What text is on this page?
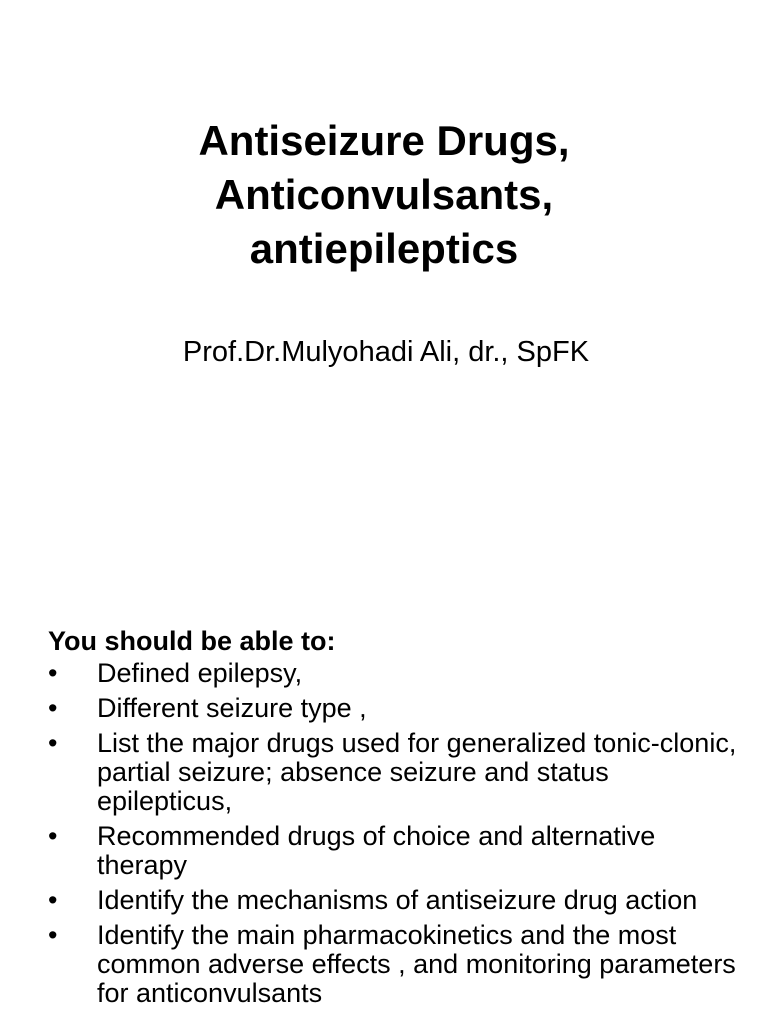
Antiseizure Drugs,
Anticonvulsants,
antiepileptics
Prof.Dr.Mulyohadi Ali, dr., SpFK
You should be able to:
•	Defined epilepsy,
•	Different seizure type ,
•	List the major drugs used for generalized tonic-clonic, partial seizure; absence seizure and status epilepticus,
•	Recommended drugs of choice and alternative therapy
•	Identify the mechanisms of antiseizure drug action
•	Identify the main pharmacokinetics and the most common adverse effects , and monitoring parameters for anticonvulsants
